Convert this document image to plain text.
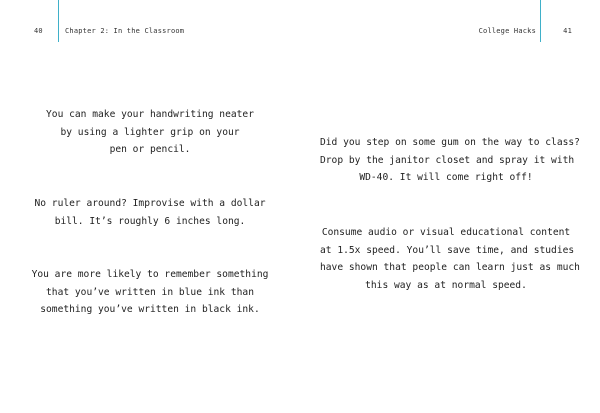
40	Chapter 2: In the Classroom
You can make your handwriting neater
by using a lighter grip on your
pen or pencil.
No ruler around? Improvise with a dollar
bill. It’s roughly 6 inches long.
You are more likely to remember something
that you’ve written in blue ink than
something you’ve written in black ink.
College Hacks	41
Did you step on some gum on the way to class?
Drop by the janitor closet and spray it with
WD-40. It will come right off!
Consume audio or visual educational content
at 1.5x speed. You’ll save time, and studies
have shown that people can learn just as much
this way as at normal speed.
